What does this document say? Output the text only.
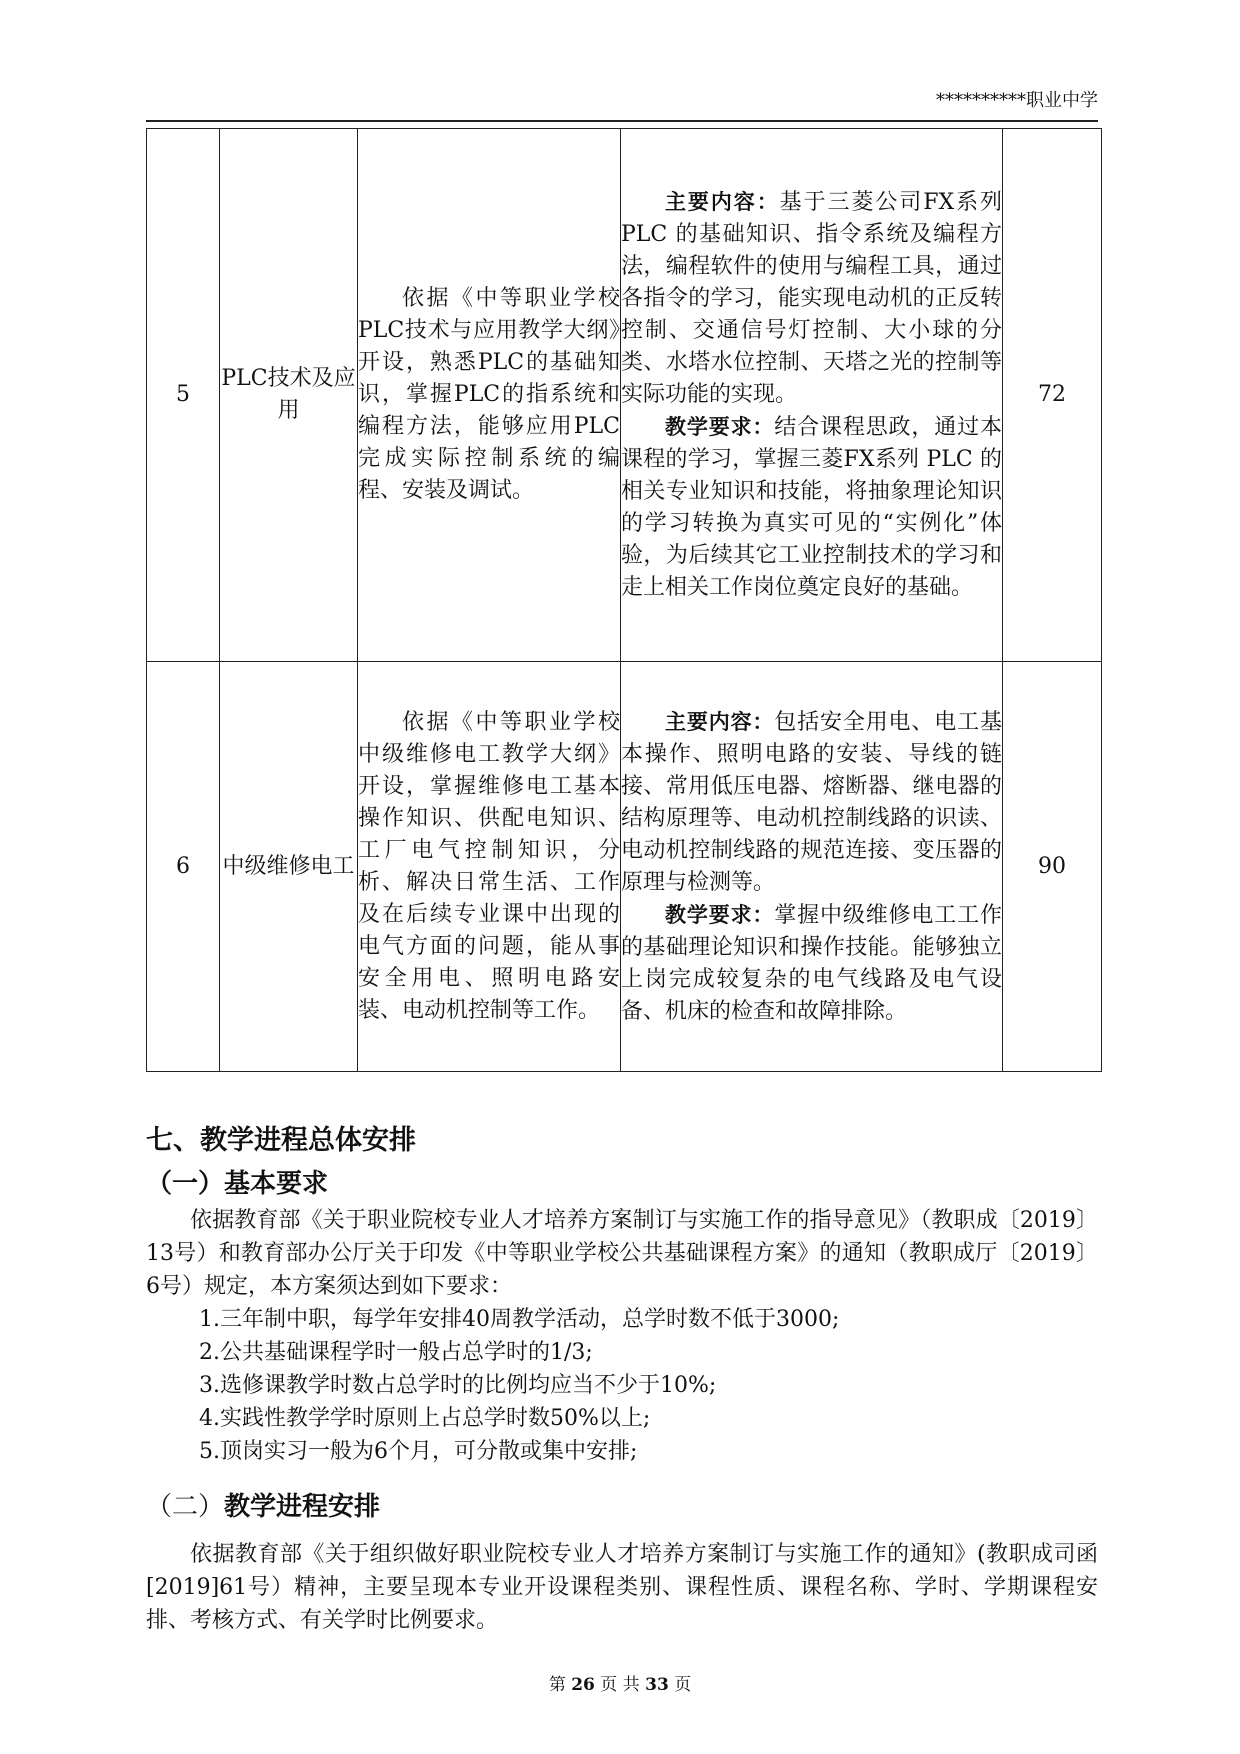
**********职业中学
5	PLC技术及应用	依据《中等职业学校PLC技术与应用教学大纲》开设，熟悉PLC的基础知识，掌握PLC的指系统和编程方法，能够应用PLC完成实际控制系统的编程、安装及调试。	主要内容：基于三菱公司FX系列 PLC 的基础知识、指令系统及编程方法，编程软件的使用与编程工具，通过各指令的学习，能实现电动机的正反转控制、交通信号灯控制、大小球的分类、水塔水位控制、天塔之光的控制等实际功能的实现。

教学要求：结合课程思政，通过本课程的学习，掌握三菱FX系列 PLC 的相关专业知识和技能，将抽象理论知识的学习转换为真实可见的“实例化”体验，为后续其它工业控制技术的学习和走上相关工作岗位奠定良好的基础。	72
6	中级维修电工	依据《中等职业学校中级维修电工教学大纲》开设，掌握维修电工基本操作知识、供配电知识、工厂电气控制知识，分析、解决日常生活、工作及在后续专业课中出现的电气方面的问题，能从事安全用电、照明电路安装、电动机控制等工作。	主要内容：包括安全用电、电工基本操作、照明电路的安装、导线的链接、常用低压电器、熔断器、继电器的结构原理等、电动机控制线路的识读、电动机控制线路的规范连接、变压器的原理与检测等。

教学要求：掌握中级维修电工工作的基础理论知识和操作技能。能够独立上岗完成较复杂的电气线路及电气设备、机床的检查和故障排除。	90
七、教学进程总体安排
（一）基本要求

依据教育部《关于职业院校专业人才培养方案制订与实施工作的指导意见》（教职成〔2019〕13号）和教育部办公厅关于印发《中等职业学校公共基础课程方案》的通知（教职成厅〔2019〕6号）规定，本方案须达到如下要求：

1.三年制中职，每学年安排40周教学活动，总学时数不低于3000;
2.公共基础课程学时一般占总学时的1/3;
3.选修课教学时数占总学时的比例均应当不少于10%;
4.实践性教学学时原则上占总学时数50%以上;
5.顶岗实习一般为6个月，可分散或集中安排;
（二）教学进程安排

依据教育部《关于组织做好职业院校专业人才培养方案制订与实施工作的通知》(教职成司函[2019]61号）精神，主要呈现本专业开设课程类别、课程性质、课程名称、学时、学期课程安排、考核方式、有关学时比例要求。

第 26 页 共 33 页
